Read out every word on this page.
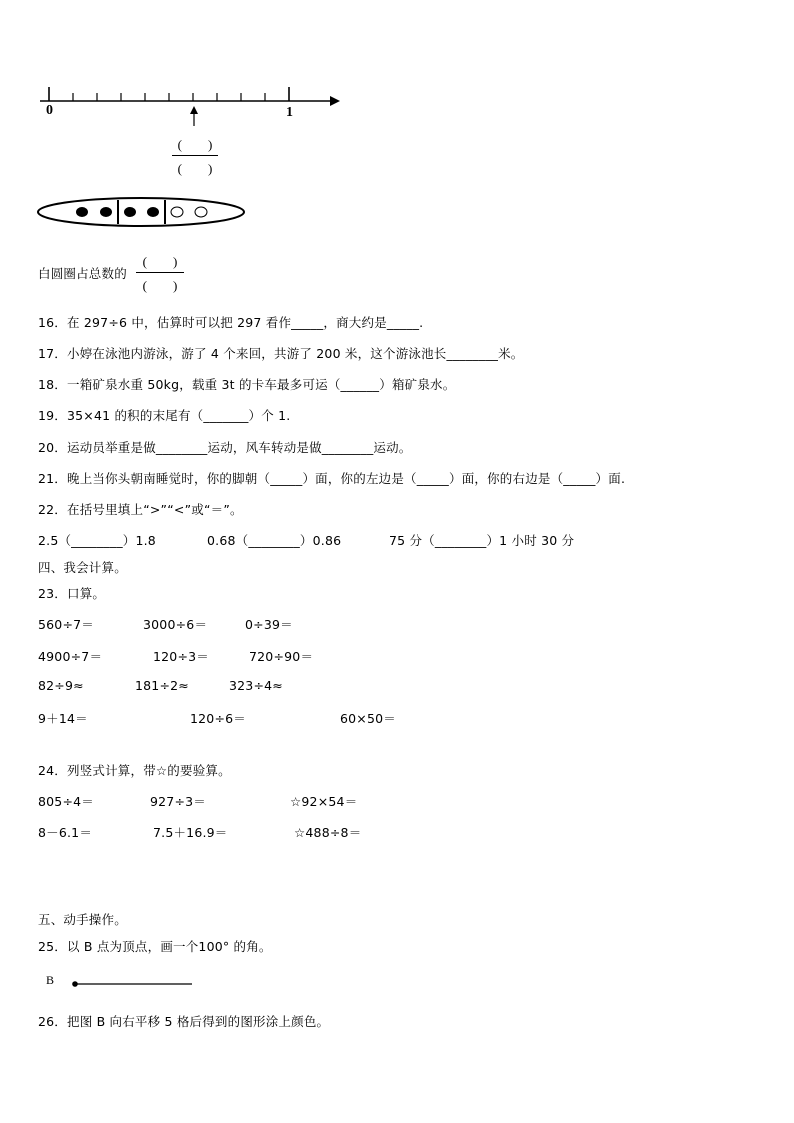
0	1
(　　)
(　　)
白圆圈占总数的
(　　)
(　　)
16．在 297÷6 中，估算时可以把 297 看作_____，商大约是_____.
17．小婷在泳池内游泳，游了 4 个来回，共游了 200 米，这个游泳池长________米。
18．一箱矿泉水重 50kg，载重 3t 的卡车最多可运（______）箱矿泉水。
19．35×41 的积的末尾有（_______）个 1.
20．运动员举重是做________运动，风车转动是做________运动。
21．晚上当你头朝南睡觉时，你的脚朝（_____）面，你的左边是（_____）面，你的右边是（_____）面.
22．在括号里填上“>”“<”或“＝”。
2.5（________）1.8	0.68（________）0.86	75 分（________）1 小时 30 分
四、我会计算。
23．口算。
560÷7＝	3000÷6＝	0÷39＝
4900÷7＝	120÷3＝	720÷90＝
82÷9≈	181÷2≈	323÷4≈
9＋14＝	120÷6＝	60×50＝
24．列竖式计算，带☆的要验算。
805÷4＝	927÷3＝	☆92×54＝
8－6.1＝	7.5＋16.9＝	☆488÷8＝
五、动手操作。
25．以 B 点为顶点，画一个100° 的角。
B
26．把图 B 向右平移 5 格后得到的图形涂上颜色。
